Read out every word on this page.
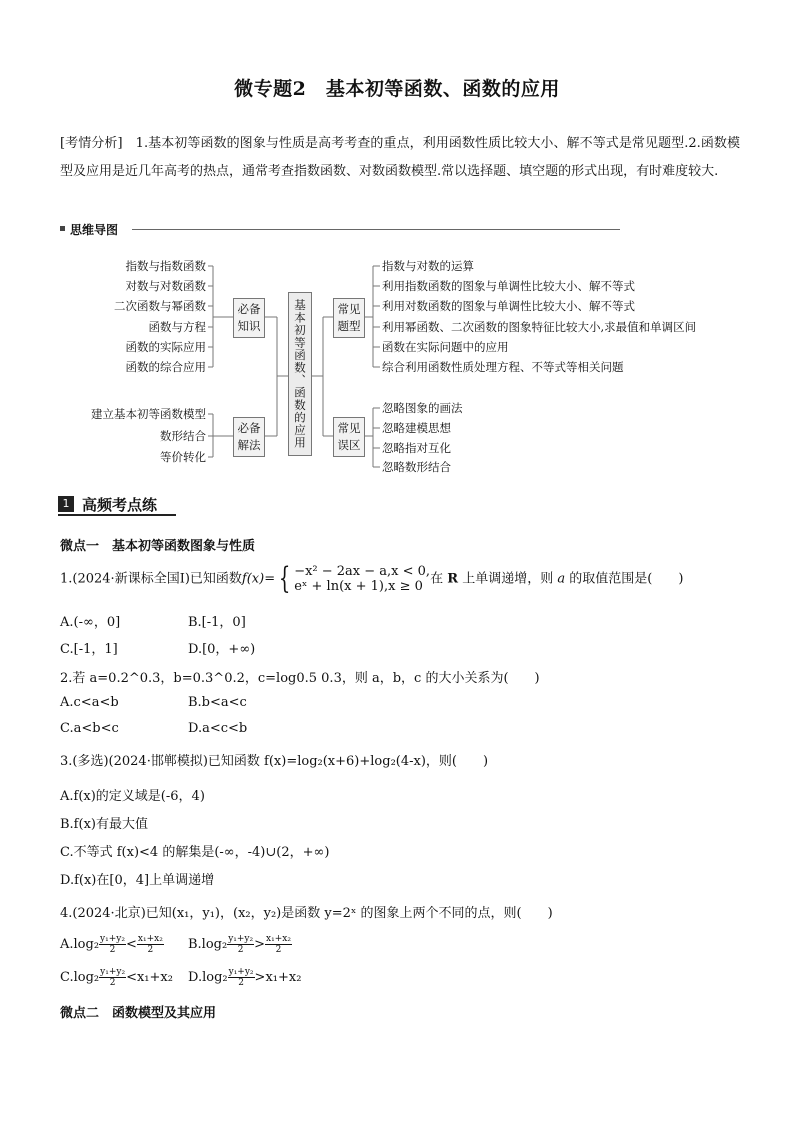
微专题2　基本初等函数、函数的应用
[考情分析]　1.基本初等函数的图象与性质是高考考查的重点，利用函数性质比较大小、解不等式是常见题型.2.函数模型及应用是近几年高考的热点，通常考查指数函数、对数函数模型.常以选择题、填空题的形式出现，有时难度较大.
思维导图
指数与指数函数
对数与对数函数
二次函数与幂函数
函数与方程
函数的实际应用
函数的综合应用
建立基本初等函数模型
数形结合
等价转化
必备知识
必备解法	基本初等函数、函数的应用	常见题型
常见误区
指数与对数的运算
利用指数函数的图象与单调性比较大小、解不等式
利用对数函数的图象与单调性比较大小、解不等式
利用幂函数、二次函数的图象特征比较大小,求最值和单调区间
函数在实际问题中的应用
综合利用函数性质处理方程、不等式等相关问题
忽略图象的画法
忽略建模思想
忽略指对互化
忽略数形结合
1 高频考点练
微点一　基本初等函数图象与性质
1.(2024·新课标全国Ⅰ)已知函数f(x)= { −x² − 2ax − a,x < 0,
eˣ + ln(x + 1),x ≥ 0 在 R 上单调递增，则 a 的取值范围是(　　)
A.(-∞，0]	B.[-1，0]
C.[-1，1]	D.[0，+∞)
2.若 a=0.2^0.3，b=0.3^0.2，c=log0.5 0.3，则 a，b，c 的大小关系为(　　)
A.c<a<b	B.b<a<c
C.a<b<c	D.a<c<b
3.(多选)(2024·邯郸模拟)已知函数 f(x)=log₂(x+6)+log₂(4-x)，则(　　)
A.f(x)的定义域是(-6，4)
B.f(x)有最大值
C.不等式 f(x)<4 的解集是(-∞，-4)∪(2，+∞)
D.f(x)在[0，4]上单调递增
4.(2024·北京)已知(x₁，y₁)，(x₂，y₂)是函数 y=2ˣ 的图象上两个不同的点，则(　　)
$A.\log_2 \frac{\text{y₁+y₂}}{2} < \frac{\text{x₁+x₂}}{2} B.\log_2 \frac{\text{y₁+y₂}}{2} > \frac{\text{x₁+x₂}}{2}$
$C.\log_2 \frac{\text{y₁+y₂}}{2} <x_1+x_2$ $D.\log_2 \frac{\text{y₁+y₂}}{2} >x_1+x_2$
微点二　函数模型及其应用
